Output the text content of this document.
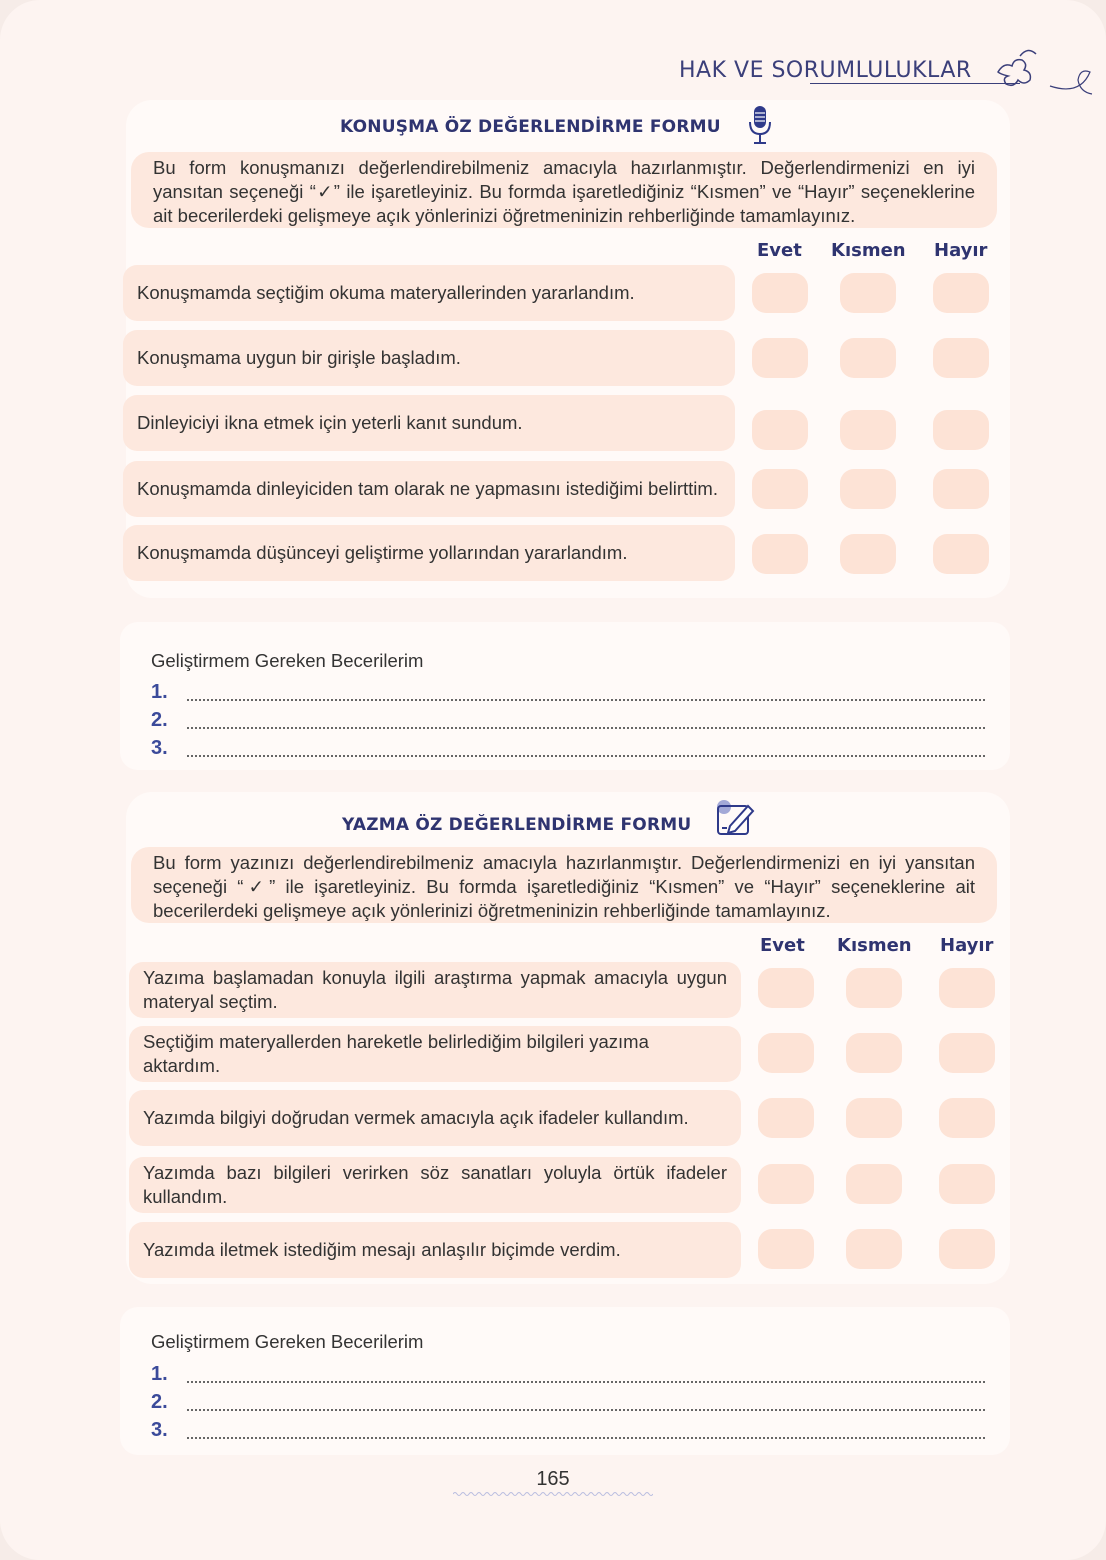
HAK VE SORUMLULUKLAR
KONUŞMA ÖZ DEĞERLENDİRME FORMU
Bu form konuşmanızı değerlendirebilmeniz amacıyla hazırlanmıştır. Değerlendirmenizi en iyi yansıtan seçeneği “✓” ile işaretleyiniz. Bu formda işaretlediğiniz “Kısmen” ve “Hayır” seçeneklerine ait becerilerdeki gelişmeye açık yönlerinizi öğretmeninizin rehberliğinde tamamlayınız.
Evet Kısmen Hayır
Konuşmamda seçtiğim okuma materyallerinden yararlandım.
Konuşmama uygun bir girişle başladım.
Dinleyiciyi ikna etmek için yeterli kanıt sundum.
Konuşmamda dinleyiciden tam olarak ne yapmasını istediğimi belirttim.
Konuşmamda düşünceyi geliştirme yollarından yararlandım.
Geliştirmem Gereken Becerilerim
1.
2.
3.
YAZMA ÖZ DEĞERLENDİRME FORMU
Bu form yazınızı değerlendirebilmeniz amacıyla hazırlanmıştır. Değerlendirmenizi en iyi yansıtan seçeneği “✓” ile işaretleyiniz. Bu formda işaretlediğiniz “Kısmen” ve “Hayır” seçeneklerine ait becerilerdeki gelişmeye açık yönlerinizi öğretmeninizin rehberliğinde tamamlayınız.
Evet Kısmen Hayır
Yazıma başlamadan konuyla ilgili araştırma yapmak amacıyla uygun materyal seçtim.
Seçtiğim materyallerden hareketle belirlediğim bilgileri yazıma aktardım.
Yazımda bilgiyi doğrudan vermek amacıyla açık ifadeler kullandım.
Yazımda bazı bilgileri verirken söz sanatları yoluyla örtük ifadeler kullandım.
Yazımda iletmek istediğim mesajı anlaşılır biçimde verdim.
Geliştirmem Gereken Becerilerim
1.
2.
3.
165
